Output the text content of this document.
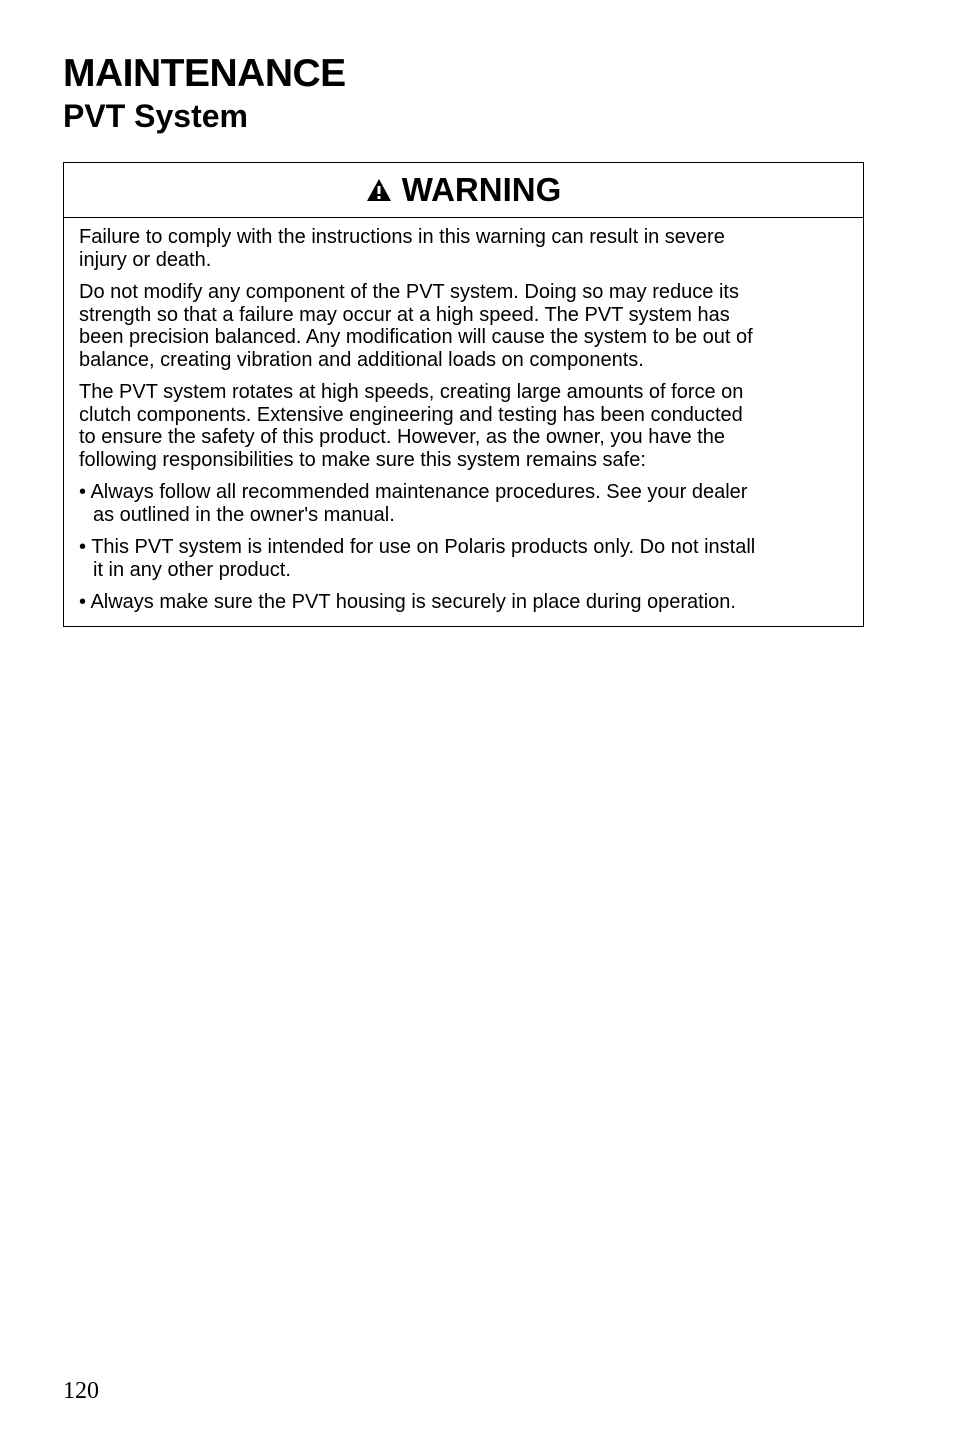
MAINTENANCE
PVT System
WARNING
Failure to comply with the instructions in this warning can result in severe
injury or death.
Do not modify any component of the PVT system. Doing so may reduce its
strength so that a failure may occur at a high speed. The PVT system has
been precision balanced. Any modification will cause the system to be out of
balance, creating vibration and additional loads on components.
The PVT system rotates at high speeds, creating large amounts of force on
clutch components. Extensive engineering and testing has been conducted
to ensure the safety of this product. However, as the owner, you have the
following responsibilities to make sure this system remains safe:
• Always follow all recommended maintenance procedures. See your dealer
as outlined in the owner's manual.
• This PVT system is intended for use on Polaris products only. Do not install
it in any other product.
• Always make sure the PVT housing is securely in place during operation.
120
